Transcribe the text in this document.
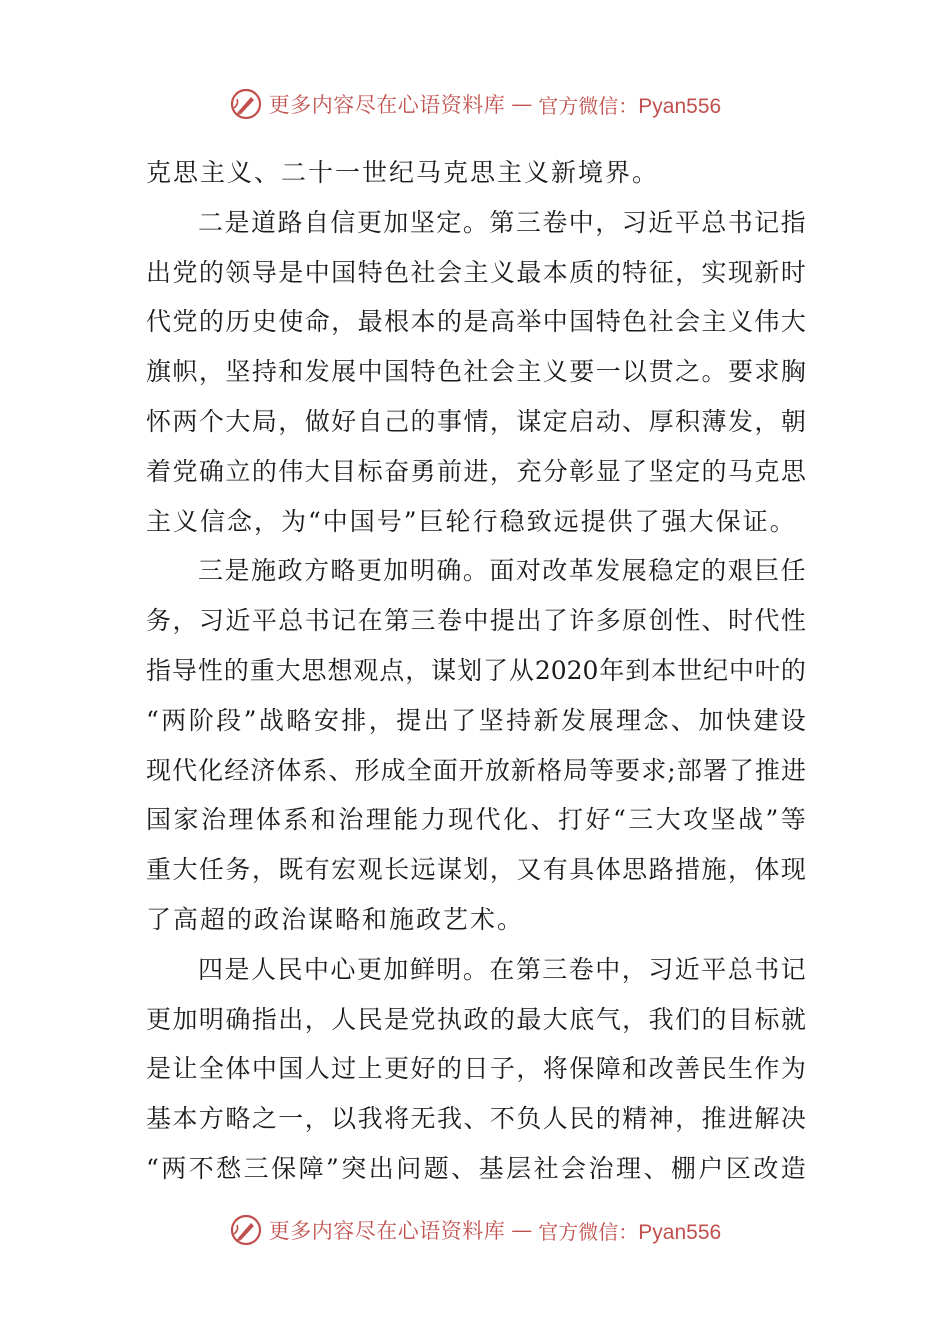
更多内容尽在心语资料库 — 官方微信：Pyan556
克思主义、二十一世纪马克思主义新境界。
二 是 道 路 自 信 更 加 坚 定 。 第 三 卷 中 ， 习 近 平 总 书 记 指
出 党 的 领 导 是 中 国 特 色 社 会 主 义 最 本 质 的 特 征 ， 实 现 新 时
代 党 的 历 史 使 命 ， 最 根 本 的 是 高 举 中 国 特 色 社 会 主 义 伟 大
旗 帜 ， 坚 持 和 发 展 中 国 特 色 社 会 主 义 要 一 以 贯 之 。 要 求 胸
怀 两 个 大 局 ， 做 好 自 己 的 事 情 ， 谋 定 启 动 、 厚 积 薄 发 ， 朝
着 党 确 立 的 伟 大 目 标 奋 勇 前 进 ， 充 分 彰 显 了 坚 定 的 马 克 思
主义信念，为“中国号”巨轮行稳致远提供了强大保证。
三 是 施 政 方 略 更 加 明 确 。 面 对 改 革 发 展 稳 定 的 艰 巨 任
务 ， 习 近 平 总 书 记 在 第 三 卷 中 提 出 了 许 多 原 创 性 、 时 代 性
指 导 性 的 重 大 思 想 观 点 ， 谋 划 了 从 2020 年 到 本 世 纪 中 叶 的
“ 两 阶 段 ” 战 略 安 排 ， 提 出 了 坚 持 新 发 展 理 念 、 加 快 建 设
现 代 化 经 济 体 系 、 形 成 全 面 开 放 新 格 局 等 要 求 ; 部 署 了 推 进
国 家 治 理 体 系 和 治 理 能 力 现 代 化 、 打 好 “ 三 大 攻 坚 战 ” 等
重 大 任 务 ， 既 有 宏 观 长 远 谋 划 ， 又 有 具 体 思 路 措 施 ， 体 现
了高超的政治谋略和施政艺术。
四 是 人 民 中 心 更 加 鲜 明 。 在 第 三 卷 中 ， 习 近 平 总 书 记
更 加 明 确 指 出 ， 人 民 是 党 执 政 的 最 大 底 气 ， 我 们 的 目 标 就
是 让 全 体 中 国 人 过 上 更 好 的 日 子 ， 将 保 障 和 改 善 民 生 作 为
基 本 方 略 之 一 ， 以 我 将 无 我 、 不 负 人 民 的 精 神 ， 推 进 解 决
“ 两 不 愁 三 保 障 ” 突 出 问 题 、 基 层 社 会 治 理 、 棚 户 区 改 造
更多内容尽在心语资料库 — 官方微信：Pyan556
